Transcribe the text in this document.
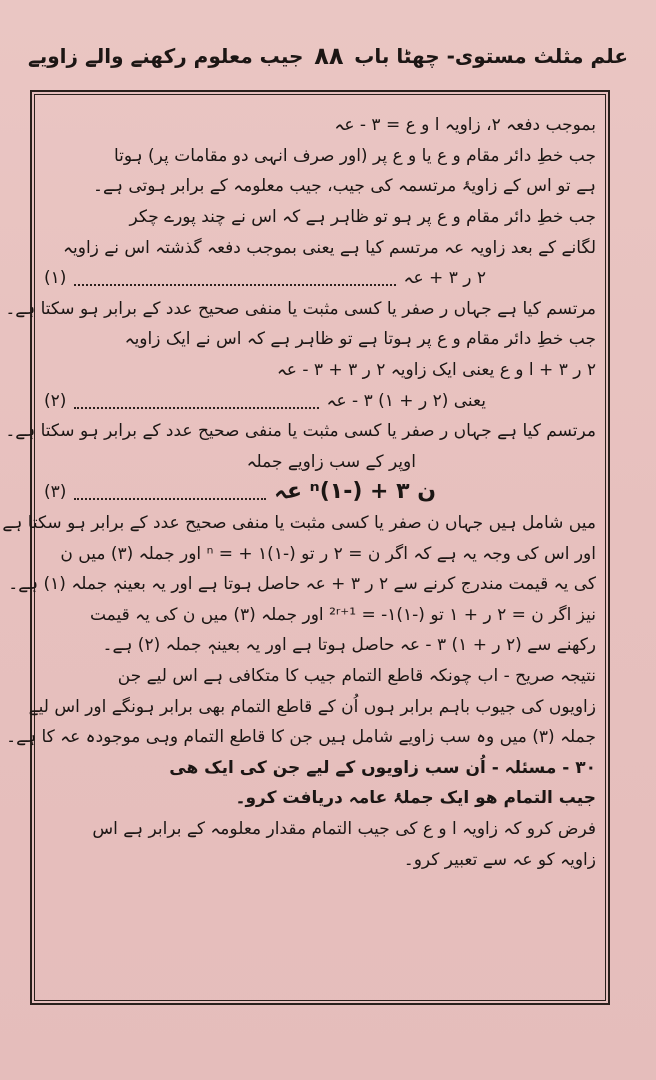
علم مثلث مستوی- چھٹا باب
۸۸
جیب معلوم رکھنے والے زاویے
بموجب دفعہ ۲، زاویہ ا و ع = ۳ - عہ
جب خطِ دائر مقام و ع یا و ع پر (اور صرف انہی دو مقامات پر) ہوتا
ہے تو اس کے زاویۂ مرتسمہ کی جیب، جیب معلومہ کے برابر ہوتی ہے۔
جب خطِ دائر مقام و ع پر ہو تو ظاہر ہے کہ اس نے چند پورے چکر
لگانے کے بعد زاویہ عہ مرتسم کیا ہے یعنی بموجب دفعہ گذشتہ اس نے زاویہ
۲ ر ۳ + عہ
(۱)
مرتسم کیا ہے جہاں ر صفر یا کسی مثبت یا منفی صحیح عدد کے برابر ہو سکتا ہے۔
جب خطِ دائر مقام و ع پر ہوتا ہے تو ظاہر ہے کہ اس نے ایک زاویہ
۲ ر ۳ + ا و ع یعنی ایک زاویہ ۲ ر ۳ + ۳ - عہ
یعنی (۲ ر + ۱) ۳ - عہ
(۲)
مرتسم کیا ہے جہاں ر صفر یا کسی مثبت یا منفی صحیح عدد کے برابر ہو سکتا ہے۔
اوپر کے سب زاویے جملہ
ن ۳ + (-۱)ⁿ عہ
(۳)
میں شامل ہیں جہاں ن صفر یا کسی مثبت یا منفی صحیح عدد کے برابر ہو سکتا ہے
اور اس کی وجہ یہ ہے کہ اگر ن = ۲ ر تو (-۱)ⁿ = + ۱ اور جملہ (۳) میں ن
کی یہ قیمت مندرج کرنے سے ۲ ر ۳ + عہ حاصل ہوتا ہے اور یہ بعینہٖ جملہ (۱) ہے۔
نیز اگر ن = ۲ ر + ۱ تو (-۱)²ʳ⁺¹ = -۱ اور جملہ (۳) میں ن کی یہ قیمت
رکھنے سے (۲ ر + ۱) ۳ - عہ حاصل ہوتا ہے اور یہ بعینہٖ جملہ (۲) ہے۔
نتیجہ صریح - اب چونکہ قاطع التمام جیب کا متکافی ہے اس لیے جن
زاویوں کی جیوب باہم برابر ہوں اُن کے قاطع التمام بھی برابر ہونگے اور اس لیے
جملہ (۳) میں وہ سب زاویے شامل ہیں جن کا قاطع التمام وہی موجودہ عہ کا ہے۔
۳۰ - مسئلہ - اُن سب زاویوں کے لیے جن کی ایک ھی
جیب التمام ھو ایک جملۂ عامہ دریافت کرو۔
فرض کرو کہ زاویہ ا و ع کی جیب التمام مقدار معلومہ کے برابر ہے اس
زاویہ کو عہ سے تعبیر کرو۔
